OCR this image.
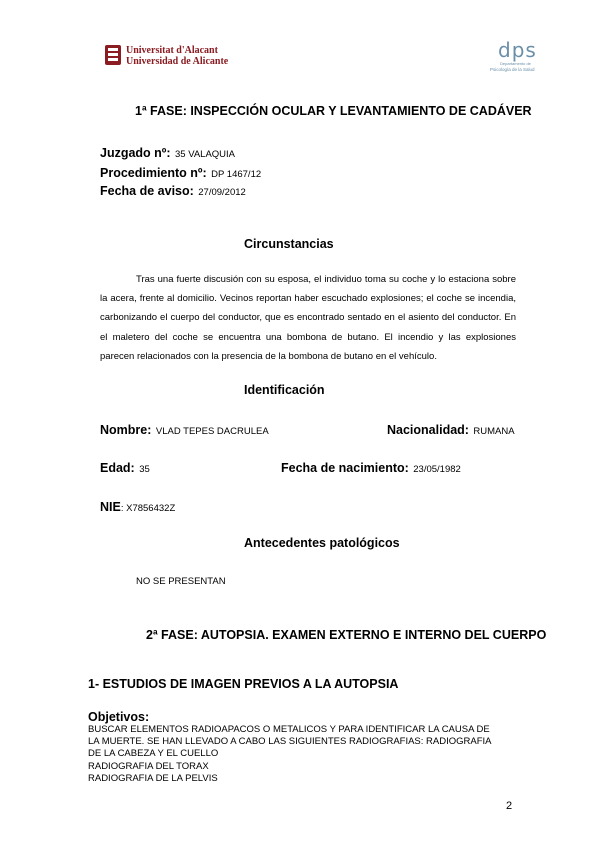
Universitat d'Alacant
Universidad de Alicante	dps
Departamento de
Psicología de la Salud
1ª FASE: INSPECCIÓN OCULAR Y LEVANTAMIENTO DE CADÁVER
Juzgado nº: 35 VALAQUIA
Procedimiento nº: DP 1467/12
Fecha de aviso: 27/09/2012
Circunstancias
Tras una fuerte discusión con su esposa, el individuo toma su coche y lo estaciona sobre la acera, frente al domicilio. Vecinos reportan haber escuchado explosiones; el coche se incendia, carbonizando el cuerpo del conductor, que es encontrado sentado en el asiento del conductor. En el maletero del coche se encuentra una bombona de butano. El incendio y las explosiones parecen relacionados con la presencia de la bombona de butano en el vehículo.
Identificación
Nombre: VLAD TEPES DACRULEA	Nacionalidad: RUMANA
Edad: 35	Fecha de nacimiento: 23/05/1982
NIE: X7856432Z
Antecedentes patológicos
NO SE PRESENTAN
2ª FASE: AUTOPSIA. EXAMEN EXTERNO E INTERNO DEL CUERPO
1- ESTUDIOS DE IMAGEN PREVIOS A LA AUTOPSIA
Objetivos:
BUSCAR ELEMENTOS RADIOAPACOS O METALICOS Y PARA IDENTIFICAR LA CAUSA DE
LA MUERTE. SE HAN LLEVADO A CABO LAS SIGUIENTES RADIOGRAFIAS: RADIOGRAFIA
DE LA CABEZA Y EL CUELLO
RADIOGRAFIA DEL TORAX
RADIOGRAFIA DE LA PELVIS
2
